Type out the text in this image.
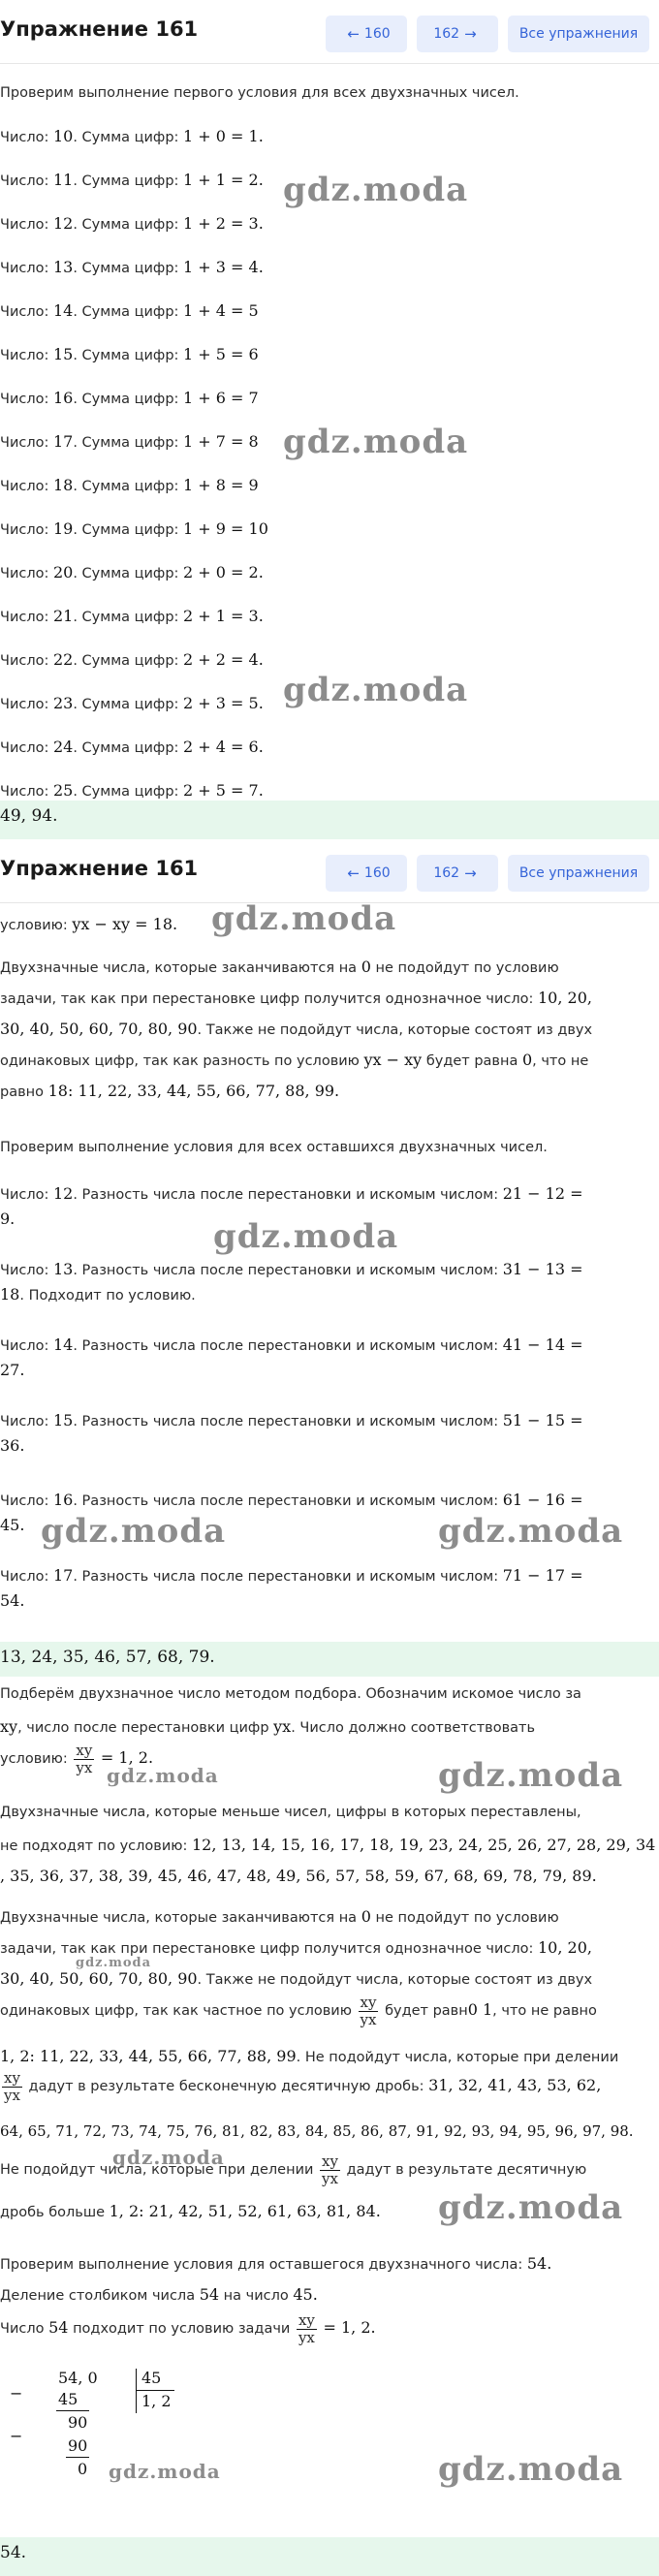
Упражнение 161	← 160	162 →	Все упражнения
Проверим выполнение первого условия для всех двухзначных чисел.
Число: 10. Сумма цифр: 1 + 0 = 1.
Число: 11. Сумма цифр: 1 + 1 = 2.
Число: 12. Сумма цифр: 1 + 2 = 3.
Число: 13. Сумма цифр: 1 + 3 = 4.
Число: 14. Сумма цифр: 1 + 4 = 5
Число: 15. Сумма цифр: 1 + 5 = 6
Число: 16. Сумма цифр: 1 + 6 = 7
Число: 17. Сумма цифр: 1 + 7 = 8
Число: 18. Сумма цифр: 1 + 8 = 9
Число: 19. Сумма цифр: 1 + 9 = 10
Число: 20. Сумма цифр: 2 + 0 = 2.
Число: 21. Сумма цифр: 2 + 1 = 3.
Число: 22. Сумма цифр: 2 + 2 = 4.
Число: 23. Сумма цифр: 2 + 3 = 5.
Число: 24. Сумма цифр: 2 + 4 = 6.
Число: 25. Сумма цифр: 2 + 5 = 7.
49, 94.
Упражнение 161	← 160	162 →	Все упражнения
условию: yx − xy = 18.
Двухзначные числа, которые заканчиваются на 0 не подойдут по условию
задачи, так как при перестановке цифр получится однозначное число: 10, 20,
30, 40, 50, 60, 70, 80, 90. Также не подойдут числа, которые состоят из двух
одинаковых цифр, так как разность по условию yx − xy будет равна 0, что не
равно 18: 11, 22, 33, 44, 55, 66, 77, 88, 99.
Проверим выполнение условия для всех оставшихся двухзначных чисел.
Число: 12. Разность числа после перестановки и искомым числом: 21 − 12 =
9.
Число: 13. Разность числа после перестановки и искомым числом: 31 − 13 =
18. Подходит по условию.
Число: 14. Разность числа после перестановки и искомым числом: 41 − 14 =
27.
Число: 15. Разность числа после перестановки и искомым числом: 51 − 15 =
36.
Число: 16. Разность числа после перестановки и искомым числом: 61 − 16 =
45.
Число: 17. Разность числа после перестановки и искомым числом: 71 − 17 =
54.
13, 24, 35, 46, 57, 68, 79.
Подберём двухзначное число методом подбора. Обозначим искомое число за
xy, число после перестановки цифр yx. Число должно соответствовать
условию: $\frac{xy}{yx} = 1$, 2.
Двухзначные числа, которые меньше чисел, цифры в которых переставлены,
не подходят по условию: 12, 13, 14, 15, 16, 17, 18, 19, 23, 24, 25, 26, 27, 28, 29, 34
, 35, 36, 37, 38, 39, 45, 46, 47, 48, 49, 56, 57, 58, 59, 67, 68, 69, 78, 79, 89.
Двухзначные числа, которые заканчиваются на 0 не подойдут по условию
задачи, так как при перестановке цифр получится однозначное число: 10, 20,
30, 40, 50, 60, 70, 80, 90. Также не подойдут числа, которые состоят из двух
одинаковых цифр, так как частное по условию $\frac{xy}{yx}$ будет равн0 1, что не равно
1, 2: 11, 22, 33, 44, 55, 66, 77, 88, 99. Не подойдут числа, которые при делении
$\frac{xy}{yx}$ дадут в результате бесконечную десятичную дробь: 31, 32, 41, 43, 53, 62,
64, 65, 71, 72, 73, 74, 75, 76, 81, 82, 83, 84, 85, 86, 87, 91, 92, 93, 94, 95, 96, 97, 98.
Не подойдут числа, которые при делении $\frac{xy}{yx}$ дадут в результате десятичную
дробь больше 1, 2: 21, 42, 51, 52, 61, 63, 81, 84.
Проверим выполнение условия для оставшегося двухзначного числа: 54.
Деление столбиком числа 54 на число 45.
Число 54 подходит по условию задачи $\frac{xy}{yx} = 1$, 2.
−
54, 0
45
45
1, 2
−
90
90
0
54.
gdz.moda
gdz.moda
gdz.moda
gdz.moda
gdz.moda
gdz.moda	gdz.moda
gdz.moda	gdz.moda
gdz.moda
gdz.moda
gdz.moda
gdz.moda	gdz.moda
